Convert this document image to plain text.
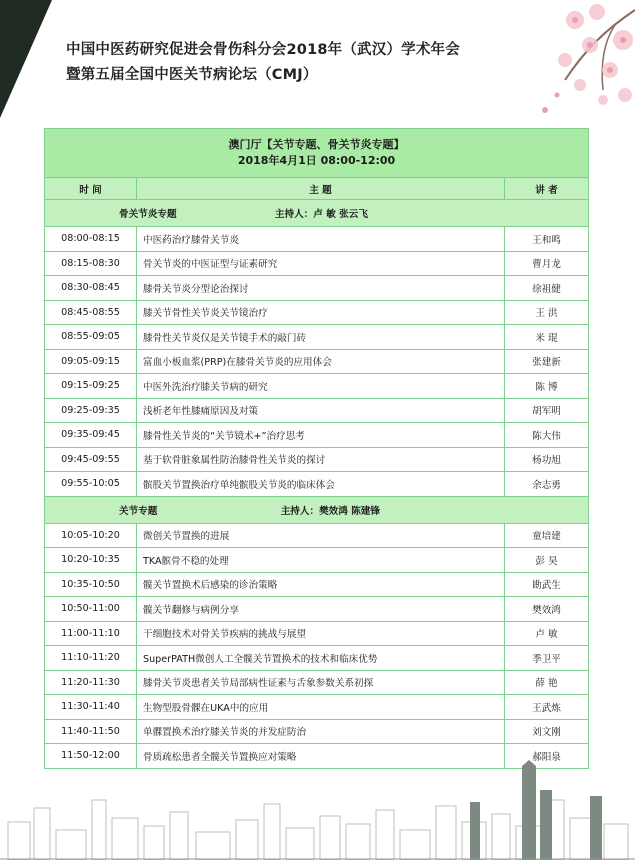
中国中医药研究促进会骨伤科分会2018年（武汉）学术年会
暨第五届全国中医关节病论坛（CMJ）
澳门厅【关节专题、骨关节炎专题】
2018年4月1日 08:00-12:00		

时 间	主 题	讲 者
骨关节炎专题 主持人：卢 敏 张云飞		
08:00-08:15	中医药治疗膝骨关节炎	王和鸣
08:15-08:30	骨关节炎的中医证型与证素研究	曹月龙
08:30-08:45	膝骨关节炎分型论治探讨	徐祖健
08:45-08:55	膝关节骨性关节炎关节镜治疗	王 洪
08:55-09:05	膝骨性关节炎仅是关节镜手术的敲门砖	米 琨
09:05-09:15	富血小板血浆(PRP)在膝骨关节炎的应用体会	张建新
09:15-09:25	中医外洗治疗膝关节病的研究	陈 博
09:25-09:35	浅析老年性膝痛原因及对策	胡军明
09:35-09:45	膝骨性关节炎的“关节镜术+”治疗思考	陈大伟
09:45-09:55	基于软骨脏象属性防治膝骨性关节炎的探讨	杨功旭
09:55-10:05	髌股关节置换治疗单纯髌股关节炎的临床体会	余志勇
关节专题 主持人：樊效鸿 陈建锋		
10:05-10:20	微创关节置换的进展	童培建
10:20-10:35	TKA髌骨不稳的处理	彭 昊
10:35-10:50	髋关节置换术后感染的诊治策略	勘武生
10:50-11:00	髋关节翻修与病例分享	樊效鸿
11:00-11:10	干细胞技术对骨关节疾病的挑战与展望	卢 敏
11:10-11:20	SuperPATH微创人工全髋关节置换术的技术和临床优势	季卫平
11:20-11:30	膝骨关节炎患者关节局部病性证素与舌象参数关系初探	薛 艳
11:30-11:40	生物型股骨髁在UKA中的应用	王武炼
11:40-11:50	单髁置换术治疗膝关节炎的并发症防治	刘文刚
11:50-12:00	骨质疏松患者全髋关节置换应对策略	郝阳泉
